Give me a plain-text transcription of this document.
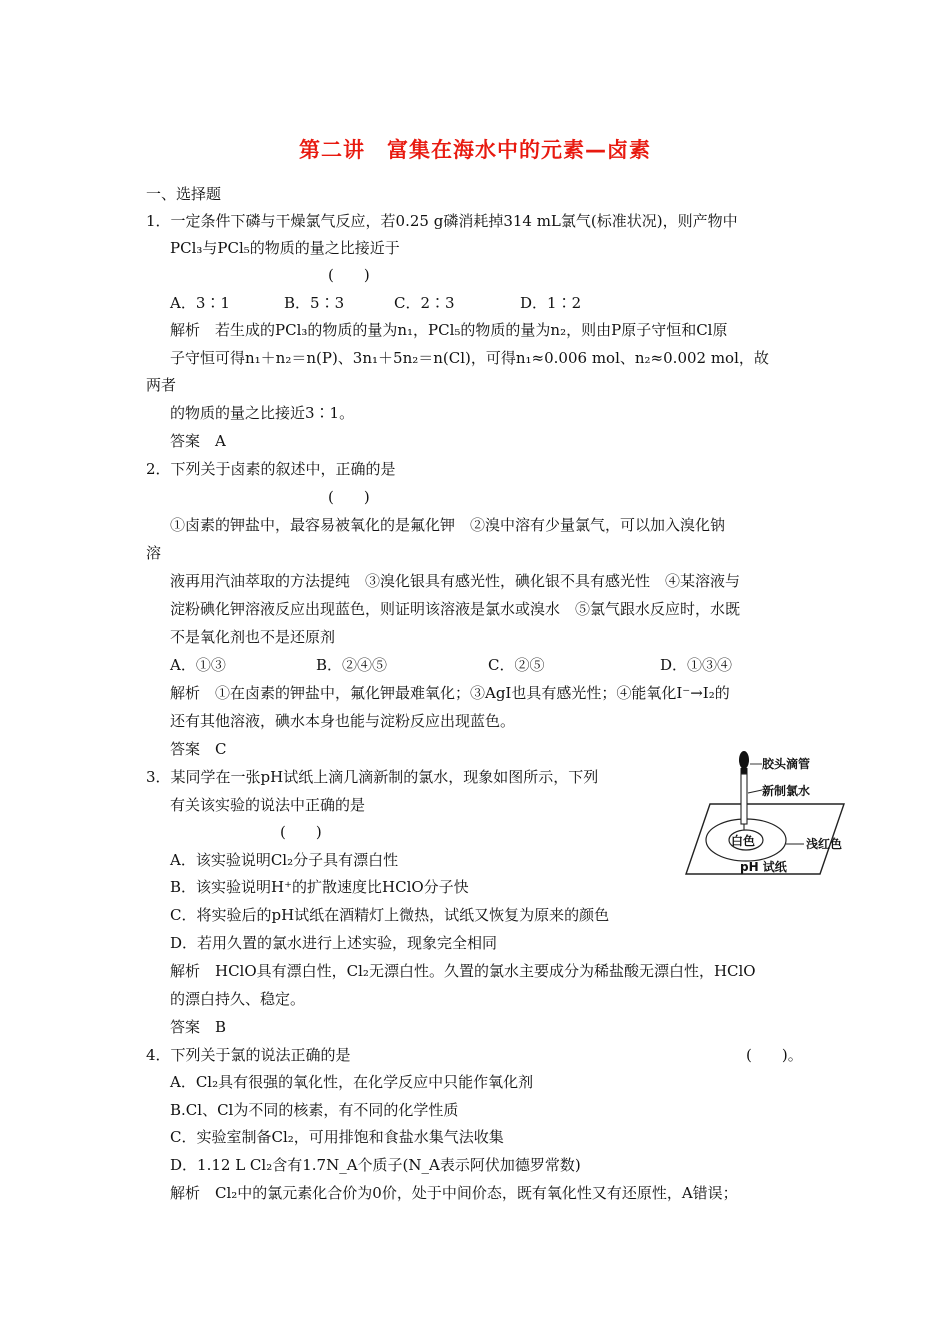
第二讲　富集在海水中的元素—卤素
一、选择题
1．一定条件下磷与干燥氯气反应，若0.25 g磷消耗掉314 mL氯气(标准状况)，则产物中
PCl₃与PCl₅的物质的量之比接近于
(　　)
A．3∶1	B．5∶3	C．2∶3	D．1∶2
解析　若生成的PCl₃的物质的量为n₁，PCl₅的物质的量为n₂，则由P原子守恒和Cl原
子守恒可得n₁＋n₂＝n(P)、3n₁＋5n₂＝n(Cl)，可得n₁≈0.006 mol、n₂≈0.002 mol，故
两者
的物质的量之比接近3∶1。
答案　A
2．下列关于卤素的叙述中，正确的是
(　　)
①卤素的钾盐中，最容易被氧化的是氟化钾　②溴中溶有少量氯气，可以加入溴化钠
溶
液再用汽油萃取的方法提纯　③溴化银具有感光性，碘化银不具有感光性　④某溶液与
淀粉碘化钾溶液反应出现蓝色，则证明该溶液是氯水或溴水　⑤氯气跟水反应时，水既
不是氧化剂也不是还原剂
A．①③	B．②④⑤	C．②⑤	D．①③④
解析　①在卤素的钾盐中，氟化钾最难氧化；③AgI也具有感光性；④能氧化I⁻→I₂的
还有其他溶液，碘水本身也能与淀粉反应出现蓝色。
答案　C
3．某同学在一张pH试纸上滴几滴新制的氯水，现象如图所示，下列
有关该实验的说法中正确的是
(　　)
A．该实验说明Cl₂分子具有漂白性
B．该实验说明H⁺的扩散速度比HClO分子快
C．将实验后的pH试纸在酒精灯上微热，试纸又恢复为原来的颜色
D．若用久置的氯水进行上述实验，现象完全相同
解析　HClO具有漂白性，Cl₂无漂白性。久置的氯水主要成分为稀盐酸无漂白性，HClO
的漂白持久、稳定。
答案　B
胶头滴管
新制氯水
白色	浅红色
pH 试纸
4．下列关于氯的说法正确的是	(　　)。
A．Cl₂具有很强的氧化性，在化学反应中只能作氧化剂
B.Cl、Cl为不同的核素，有不同的化学性质
C．实验室制备Cl₂，可用排饱和食盐水集气法收集
D．1.12 L Cl₂含有1.7N_A个质子(N_A表示阿伏加德罗常数)
解析　Cl₂中的氯元素化合价为0价，处于中间价态，既有氧化性又有还原性，A错误；
